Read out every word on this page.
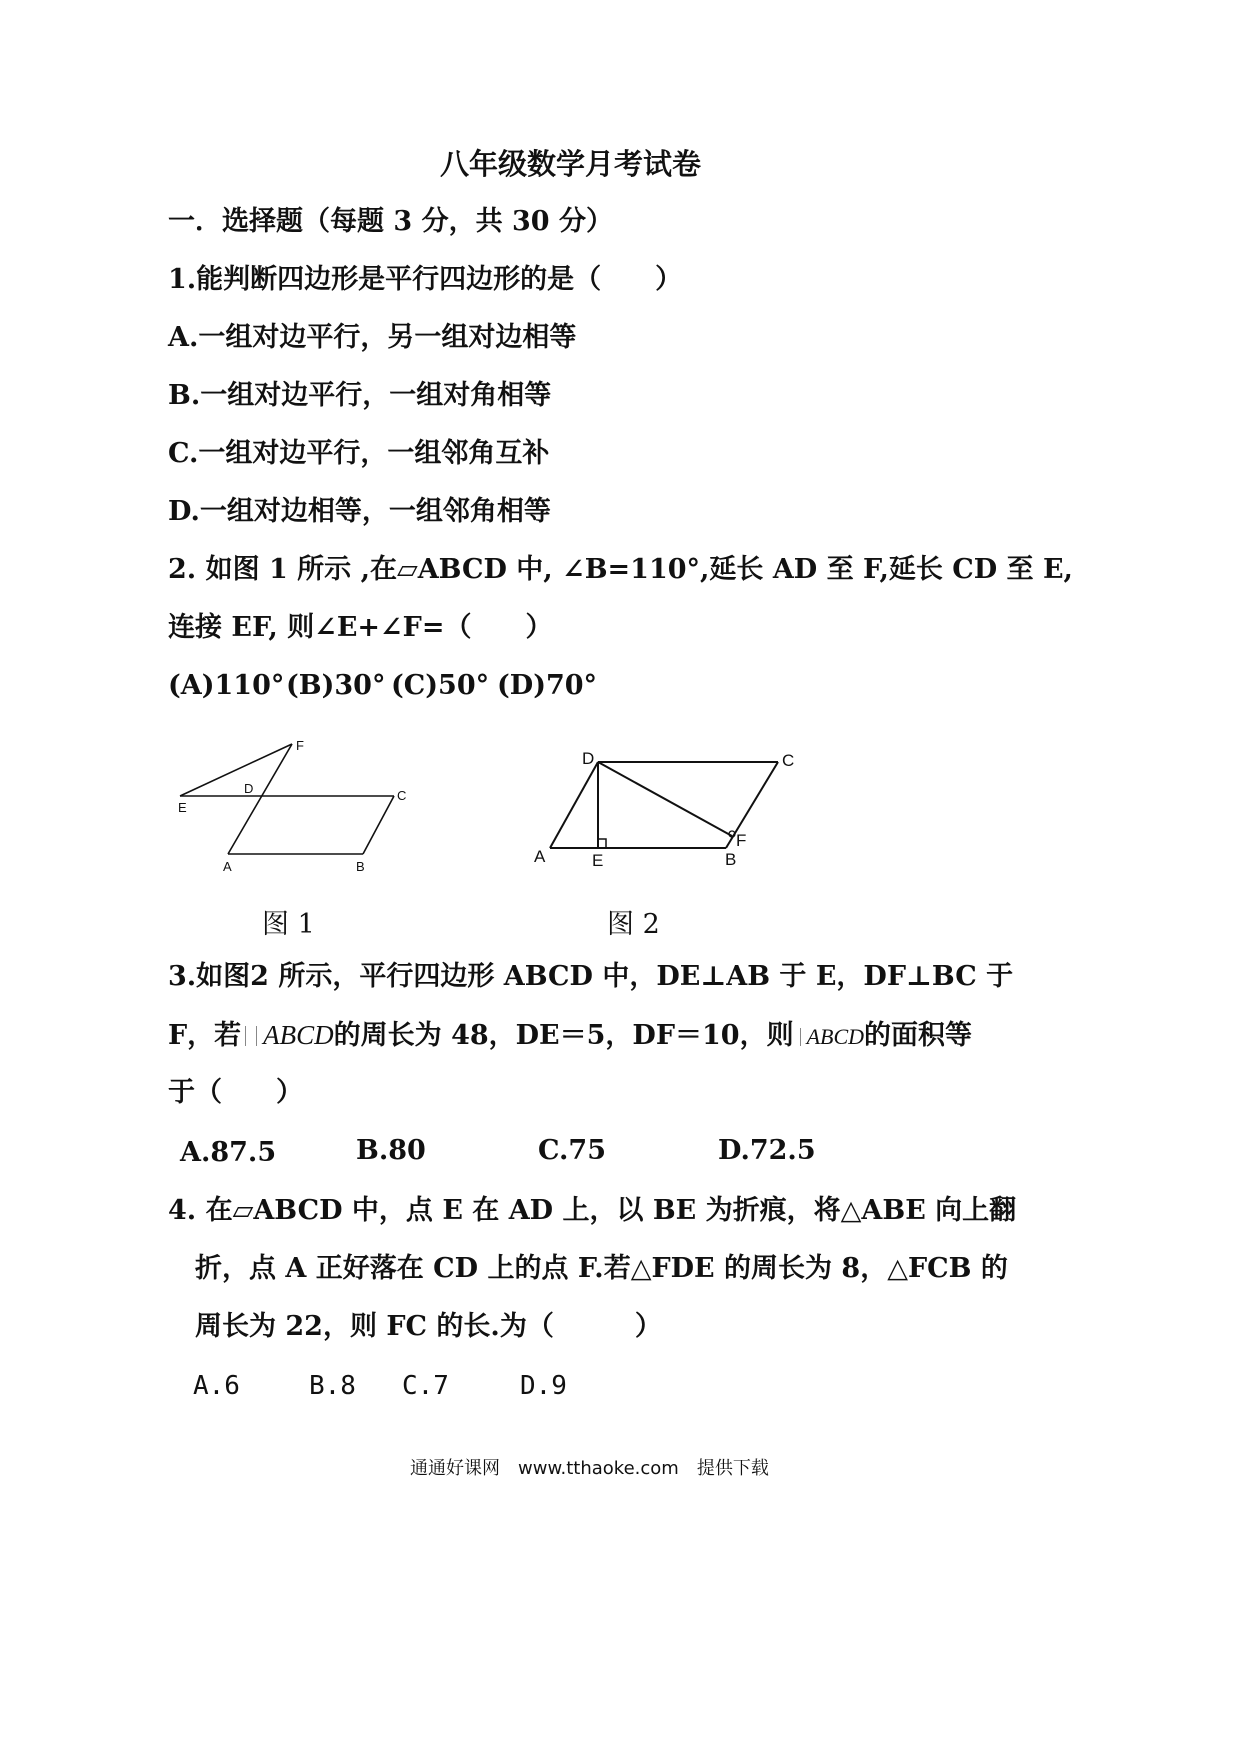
八年级数学月考试卷
一．选择题（每题 3 分，共 30 分）
1.能判断四边形是平行四边形的是（　　）
A.一组对边平行，另一组对边相等
B.一组对边平行，一组对角相等
C.一组对边平行，一组邻角互补
D.一组对边相等，一组邻角相等
2. 如图 1 所示 ,在▱ABCD 中, ∠B=110°,延长 AD 至 F,延长 CD 至 E,
连接 EF, 则∠E+∠F=（　　）
(A)110° (B)30° (C)50° (D)70°
F
D
E
C
A	B
D	C
A	E	B
F
图 1	图 2
3.如图2 所示，平行四边形 ABCD 中，DE⊥AB 于 E，DF⊥BC 于
F，若 ABCD的周长为 48，DE＝5，DF＝10，则 ABCD的面积等
于（　　）
A.87.5	B.80	C.75	D.72.5
4. 在▱ABCD 中，点 E 在 AD 上，以 BE 为折痕，将△ABE 向上翻
折，点 A 正好落在 CD 上的点 F.若△FDE 的周长为 8，△FCB 的
周长为 22，则 FC 的长.为（　　　）
A.6	B.8 C.7	D.9
通通好课网　www.tthaoke.com　提供下载
